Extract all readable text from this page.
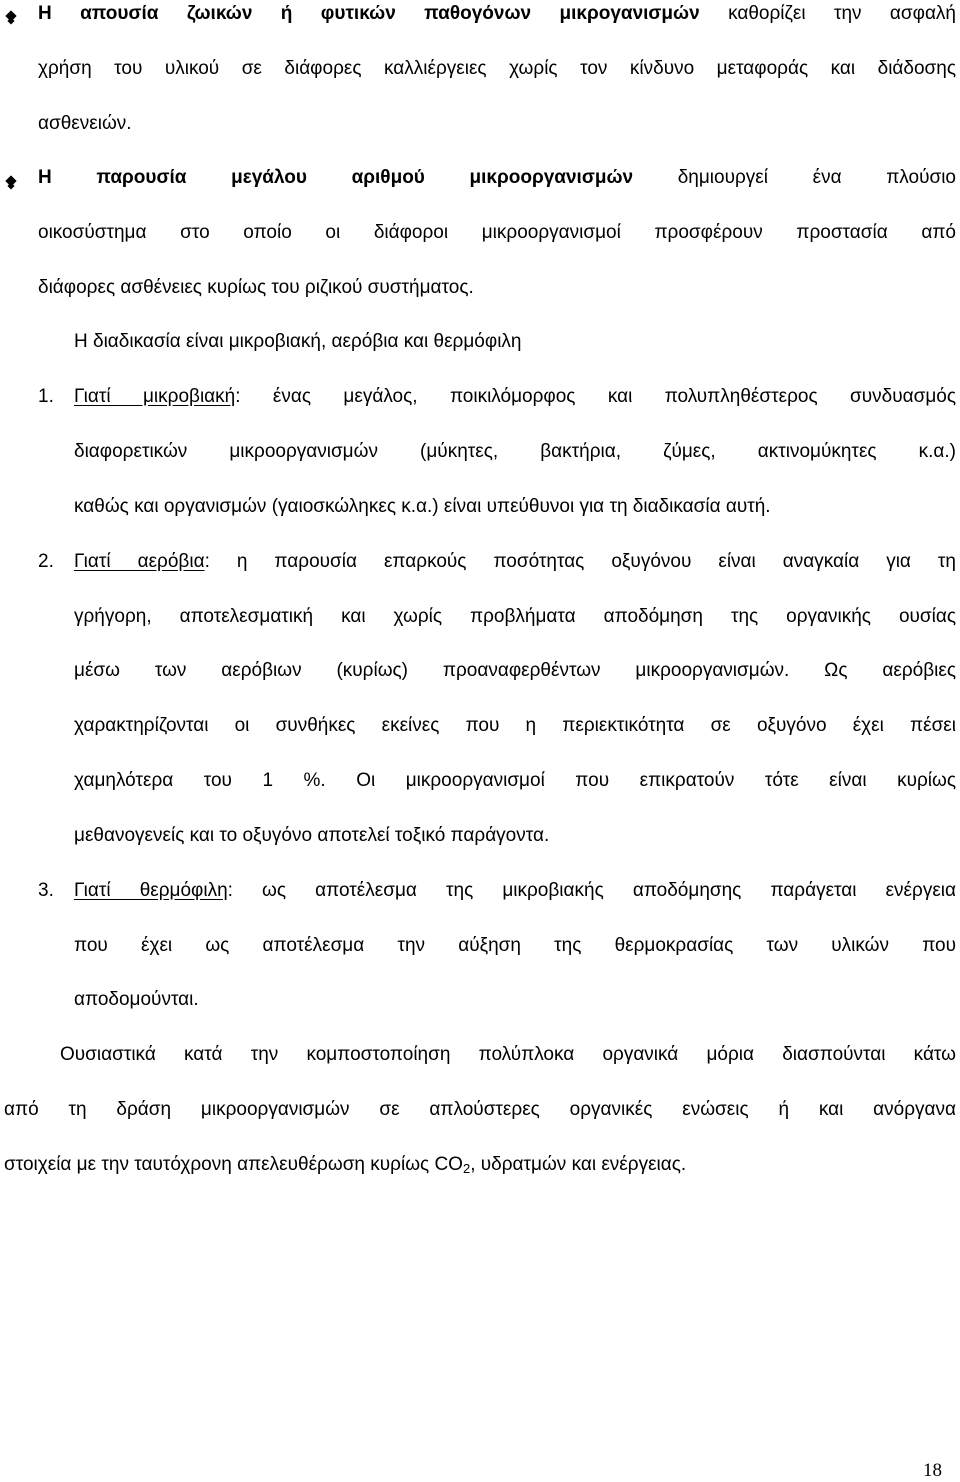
Η απουσία ζωικών ή φυτικών παθογόνων μικρογανισμών καθορίζει την ασφαλή
χρήση του υλικού σε διάφορες καλλιέργειες χωρίς τον κίνδυνο μεταφοράς και διάδοσης
ασθενειών.
Η παρουσία μεγάλου αριθμού μικροοργανισμών δημιουργεί ένα πλούσιο
οικοσύστημα στο οποίο οι διάφοροι μικροοργανισμοί προσφέρουν προστασία από
διάφορες ασθένειες κυρίως του ριζικού συστήματος.
Η διαδικασία είναι μικροβιακή, αερόβια και θερμόφιλη
1. Γιατί μικροβιακή: ένας μεγάλος, ποικιλόμορφος και πολυπληθέστερος συνδυασμός
διαφορετικών μικροοργανισμών (μύκητες, βακτήρια, ζύμες, ακτινομύκητες κ.α.)
καθώς και οργανισμών (γαιοσκώληκες κ.α.) είναι υπεύθυνοι για τη διαδικασία αυτή.
2. Γιατί αερόβια: η παρουσία επαρκούς ποσότητας οξυγόνου είναι αναγκαία για τη
γρήγορη, αποτελεσματική και χωρίς προβλήματα αποδόμηση της οργανικής ουσίας
μέσω των αερόβιων (κυρίως) προαναφερθέντων μικροοργανισμών. Ως αερόβιες
χαρακτηρίζονται οι συνθήκες εκείνες που η περιεκτικότητα σε οξυγόνο έχει πέσει
χαμηλότερα του 1 %. Οι μικροοργανισμοί που επικρατούν τότε είναι κυρίως
μεθανογενείς και το οξυγόνο αποτελεί τοξικό παράγοντα.
3. Γιατί θερμόφιλη: ως αποτέλεσμα της μικροβιακής αποδόμησης παράγεται ενέργεια
που έχει ως αποτέλεσμα την αύξηση της θερμοκρασίας των υλικών που
αποδομούνται.
Ουσιαστικά κατά την κομποστοποίηση πολύπλοκα οργανικά μόρια διασπούνται κάτω
από τη δράση μικροοργανισμών σε απλούστερες οργανικές ενώσεις ή και ανόργανα
στοιχεία με την ταυτόχρονη απελευθέρωση κυρίως $CO_2$, υδρατμών και ενέργειας.
18
